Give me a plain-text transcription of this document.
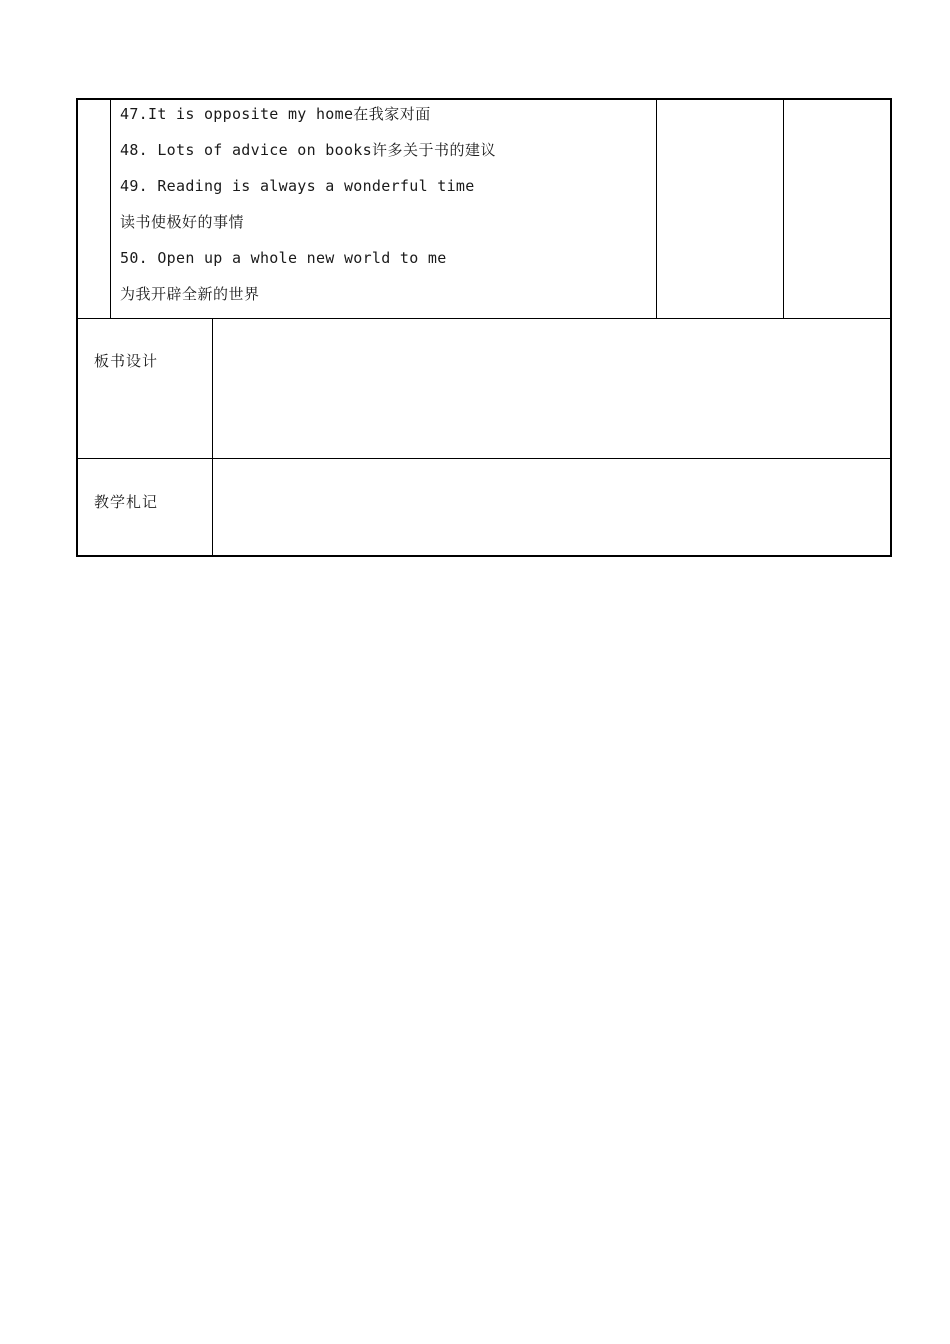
47.It is opposite my home在我家对面
48. Lots of advice on books许多关于书的建议
49. Reading is always a wonderful time
读书使极好的事情
50. Open up a whole new world to me
为我开辟全新的世界
板书设计
教学札记
